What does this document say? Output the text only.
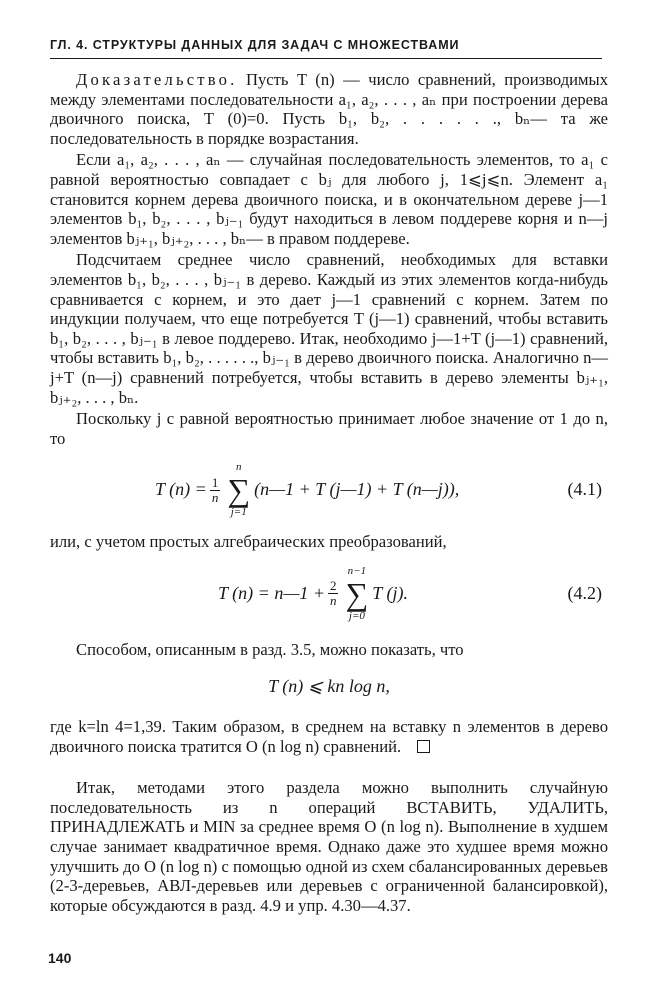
ГЛ. 4. СТРУКТУРЫ ДАННЫХ ДЛЯ ЗАДАЧ С МНОЖЕСТВАМИ

Доказательство. Пусть T (n) — число сравнений, производимых между элементами последовательности a₁, a₂, . . . , aₙ при построении дерева двоичного поиска, T (0)=0. Пусть b₁, b₂, . . . . . ., bₙ— та же последовательность в порядке возрастания.

Если a₁, a₂, . . . , aₙ — случайная последовательность элементов, то a₁ с равной вероятностью совпадает с bⱼ для любого j, 1⩽j⩽n. Элемент a₁ становится корнем дерева двоичного поиска, и в окончательном дереве j—1 элементов b₁, b₂, . . . , bⱼ₋₁ будут находиться в левом поддереве корня и n—j элементов bⱼ₊₁, bⱼ₊₂, . . . , bₙ— в правом поддереве.

Подсчитаем среднее число сравнений, необходимых для вставки элементов b₁, b₂, . . . , bⱼ₋₁ в дерево. Каждый из этих элементов когда-нибудь сравнивается с корнем, и это дает j—1 сравнений с корнем. Затем по индукции получаем, что еще потребуется T (j—1) сравнений, чтобы вставить b₁, b₂, . . . , bⱼ₋₁ в левое поддерево. Итак, необходимо j—1+T (j—1) сравнений, чтобы вставить b₁, b₂, . . . . . ., bⱼ₋₁ в дерево двоичного поиска. Аналогично n—j+T (n—j) сравнений потребуется, чтобы вставить в дерево элементы bⱼ₊₁, bⱼ₊₂, . . . , bₙ.

Поскольку j с равной вероятностью принимает любое значение от 1 до n, то

T $(n) = \frac{1}{n}$
n
∑
j=1
(n—1 + T (j—1) + T (n—j)),	(4.1)

или, с учетом простых алгебраических преобразований,

T (n) = n—1 + $\frac{2}{n}$
n−1
∑
j=0
T (j).	(4.2)

Способом, описанным в разд. 3.5, можно показать, что

T (n) ⩽ kn log n,

где k=ln 4=1,39. Таким образом, в среднем на вставку n элементов в дерево двоичного поиска тратится O (n log n) сравнений.

Итак, методами этого раздела можно выполнить случайную последовательность из n операций ВСТАВИТЬ, УДАЛИТЬ, ПРИНАДЛЕЖАТЬ и MIN за среднее время O (n log n). Выполнение в худшем случае занимает квадратичное время. Однако даже это худшее время можно улучшить до O (n log n) с помощью одной из схем сбалансированных деревьев (2-3-деревьев, АВЛ-деревьев или деревьев с ограниченной балансировкой), которые обсуждаются в разд. 4.9 и упр. 4.30—4.37.

140
